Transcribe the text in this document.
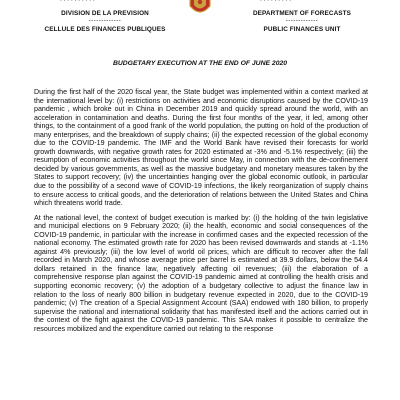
· · · · · · · · · ·
DIVISION DE LA PREVISION
-------------
CELLULE DES FINANCES PUBLIQUES
· · · · · · · · ·
DEPARTMENT OF FORECASTS
-------------
PUBLIC FINANCES UNIT
BUDGETARY EXECUTION AT THE END OF JUNE 2020

During the first half of the 2020 fiscal year, the State budget was implemented within a context marked at the international level by: (i) restrictions on activities and economic disruptions caused by the COVID-19 pandemic , which broke out in China in December 2019 and quickly spread around the world, with an acceleration in contamination and deaths. During the first four months of the year, it led, among other things, to the containment of a good frank of the world population, the putting on hold of the production of many enterprises, and the breakdown of supply chains; (ii) the expected recession of the global economy due to the COVID-19 pandemic. The IMF and the World Bank have revised their forecasts for world growth downwards, with negative growth rates for 2020 estimated at -3% and -5.1% respectively; (iii) the resumption of economic activities throughout the world since May, in connection with the de-confinement decided by various governments, as well as the massive budgetary and monetary measures taken by the States to support recovery; (iv) the uncertainties hanging over the global economic outlook, in particular due to the possibility of a second wave of COVID-19 infections, the likely reorganization of supply chains to ensure access to critical goods, and the deterioration of relations between the United States and China which threatens world trade.

At the national level, the context of budget execution is marked by: (i) the holding of the twin legislative and municipal elections on 9 February 2020; (ii) the health, economic and social consequences of the COVID-19 pandemic, in particular with the increase in confirmed cases and the expected recession of the national economy. The estimated growth rate for 2020 has been revised downwards and stands at -1.1% against 4% previously; (iii) the low level of world oil prices, which are difficult to recover after the fall recorded in March 2020, and whose average price per barrel is estimated at 39.9 dollars, below the 54.4 dollars retained in the finance law, negatively affecting oil revenues; (iii) the elaboration of a comprehensive response plan against the COVID-19 pandemic aimed at controlling the health crisis and supporting economic recovery; (v) the adoption of a budgetary collective to adjust the finance law in relation to the loss of nearly 800 billion in budgetary revenue expected in 2020, due to the COVID-19 pandemic; (v) The creation of a Special Assignment Account (SAA) endowed with 180 billion, to properly supervise the national and international solidarity that has manifested itself and the actions carried out in the context of the fight against the COVID-19 pandemic. This SAA makes it possible to centralize the resources mobilized and the expenditure carried out relating to the response
